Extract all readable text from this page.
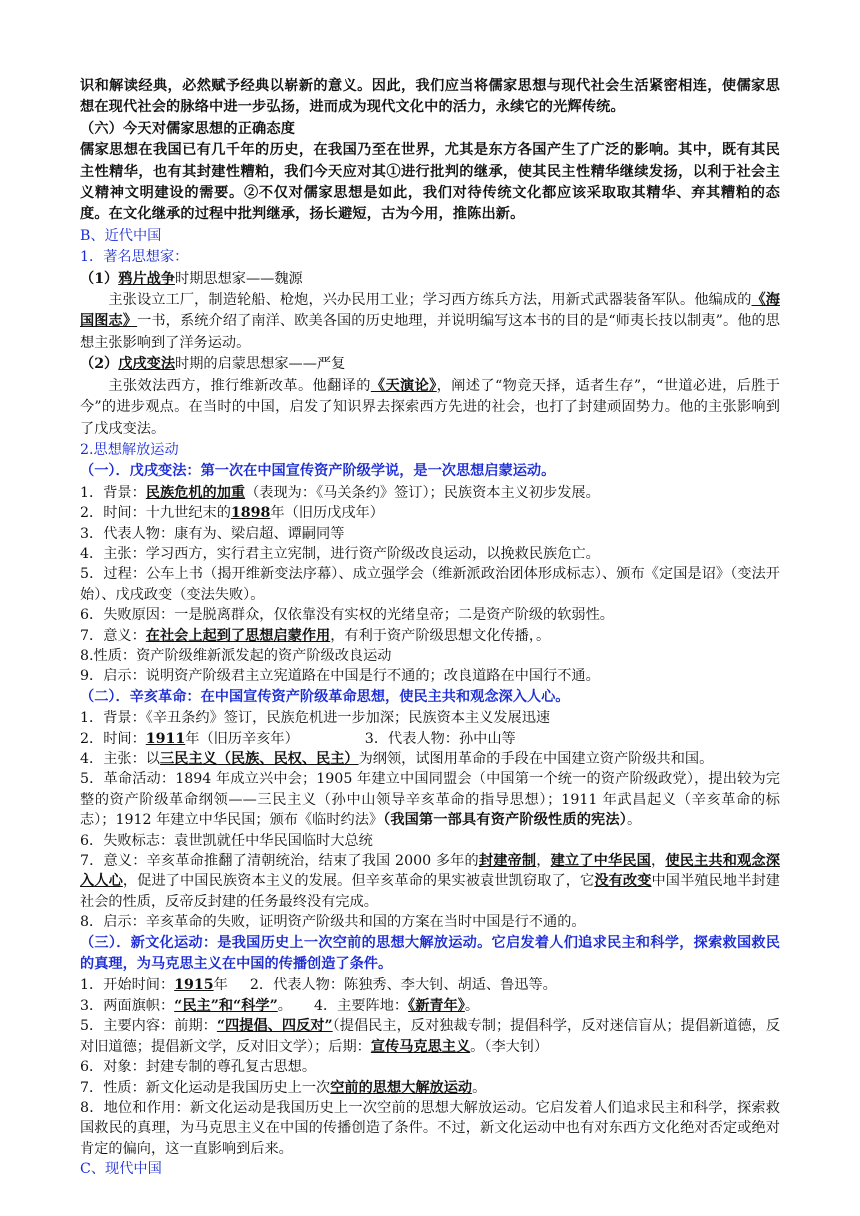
识和解读经典，必然赋予经典以崭新的意义。因此，我们应当将儒家思想与现代社会生活紧密相连，使儒家思想在现代社会的脉络中进一步弘扬，进而成为现代文化中的活力，永续它的光辉传统。

（六）今天对儒家思想的正确态度

儒家思想在我国已有几千年的历史，在我国乃至在世界，尤其是东方各国产生了广泛的影响。其中，既有其民主性精华，也有其封建性糟粕，我们今天应对其①进行批判的继承，使其民主性精华继续发扬，以利于社会主义精神文明建设的需要。②不仅对儒家思想是如此，我们对待传统文化都应该采取取其精华、弃其糟粕的态度。在文化继承的过程中批判继承，扬长避短，古为今用，推陈出新。

B、近代中国

1．著名思想家：

（1）鸦片战争时期思想家——魏源

主张设立工厂，制造轮船、枪炮，兴办民用工业；学习西方练兵方法，用新式武器装备军队。他编成的《海国图志》一书，系统介绍了南洋、欧美各国的历史地理，并说明编写这本书的目的是“师夷长技以制夷”。他的思想主张影响到了洋务运动。

（2）戊戌变法时期的启蒙思想家——严复

主张效法西方，推行维新改革。他翻译的《天演论》，阐述了“物竞天择，适者生存”，“世道必进，后胜于今”的进步观点。在当时的中国，启发了知识界去探索西方先进的社会，也打了封建顽固势力。他的主张影响到了戊戌变法。

2.思想解放运动

（一）．戊戌变法：第一次在中国宣传资产阶级学说，是一次思想启蒙运动。

1．背景：民族危机的加重（表现为：《马关条约》签订）；民族资本主义初步发展。

2．时间：十九世纪末的1898年（旧历戊戌年）

3．代表人物：康有为、梁启超、谭嗣同等

4．主张：学习西方，实行君主立宪制，进行资产阶级改良运动，以挽救民族危亡。

5．过程：公车上书（揭开维新变法序幕）、成立强学会（维新派政治团体形成标志）、颁布《定国是诏》（变法开始）、戊戌政变（变法失败）。

6．失败原因：一是脱离群众，仅依靠没有实权的光绪皇帝；二是资产阶级的软弱性。

7．意义：在社会上起到了思想启蒙作用，有利于资产阶级思想文化传播，。

8.性质：资产阶级维新派发起的资产阶级改良运动

9．启示：说明资产阶级君主立宪道路在中国是行不通的；改良道路在中国行不通。

（二）．辛亥革命：在中国宣传资产阶级革命思想，使民主共和观念深入人心。

1．背景：《辛丑条约》签订，民族危机进一步加深；民族资本主义发展迅速

2．时间：1911年（旧历辛亥年）	3．代表人物：孙中山等

4．主张：以三民主义（民族、民权、民主）为纲领，试图用革命的手段在中国建立资产阶级共和国。

5．革命活动：1894 年成立兴中会；1905 年建立中国同盟会（中国第一个统一的资产阶级政党），提出较为完整的资产阶级革命纲领——三民主义（孙中山领导辛亥革命的指导思想）；1911 年武昌起义（辛亥革命的标志）；1912 年建立中华民国；颁布《临时约法》（我国第一部具有资产阶级性质的宪法）。

6．失败标志：袁世凯就任中华民国临时大总统

7．意义：辛亥革命推翻了清朝统治，结束了我国 2000 多年的封建帝制，建立了中华民国，使民主共和观念深入人心，促进了中国民族资本主义的发展。但辛亥革命的果实被袁世凯窃取了，它没有改变中国半殖民地半封建社会的性质，反帝反封建的任务最终没有完成。

8．启示：辛亥革命的失败，证明资产阶级共和国的方案在当时中国是行不通的。

（三）．新文化运动：是我国历史上一次空前的思想大解放运动。它启发着人们追求民主和科学，探索救国救民的真理，为马克思主义在中国的传播创造了条件。

1．开始时间：1915年 2．代表人物：陈独秀、李大钊、胡适、鲁迅等。

3．两面旗帜：“民主”和“科学”。 4．主要阵地：《新青年》。

5．主要内容：前期：“四提倡、四反对”（提倡民主，反对独裁专制；提倡科学，反对迷信盲从；提倡新道德，反对旧道德；提倡新文学，反对旧文学）；后期：宣传马克思主义。（李大钊）

6．对象：封建专制的尊孔复古思想。

7．性质：新文化运动是我国历史上一次空前的思想大解放运动。

8．地位和作用：新文化运动是我国历史上一次空前的思想大解放运动。它启发着人们追求民主和科学，探索救国救民的真理，为马克思主义在中国的传播创造了条件。不过，新文化运动中也有对东西方文化绝对否定或绝对肯定的偏向，这一直影响到后来。

C、现代中国
